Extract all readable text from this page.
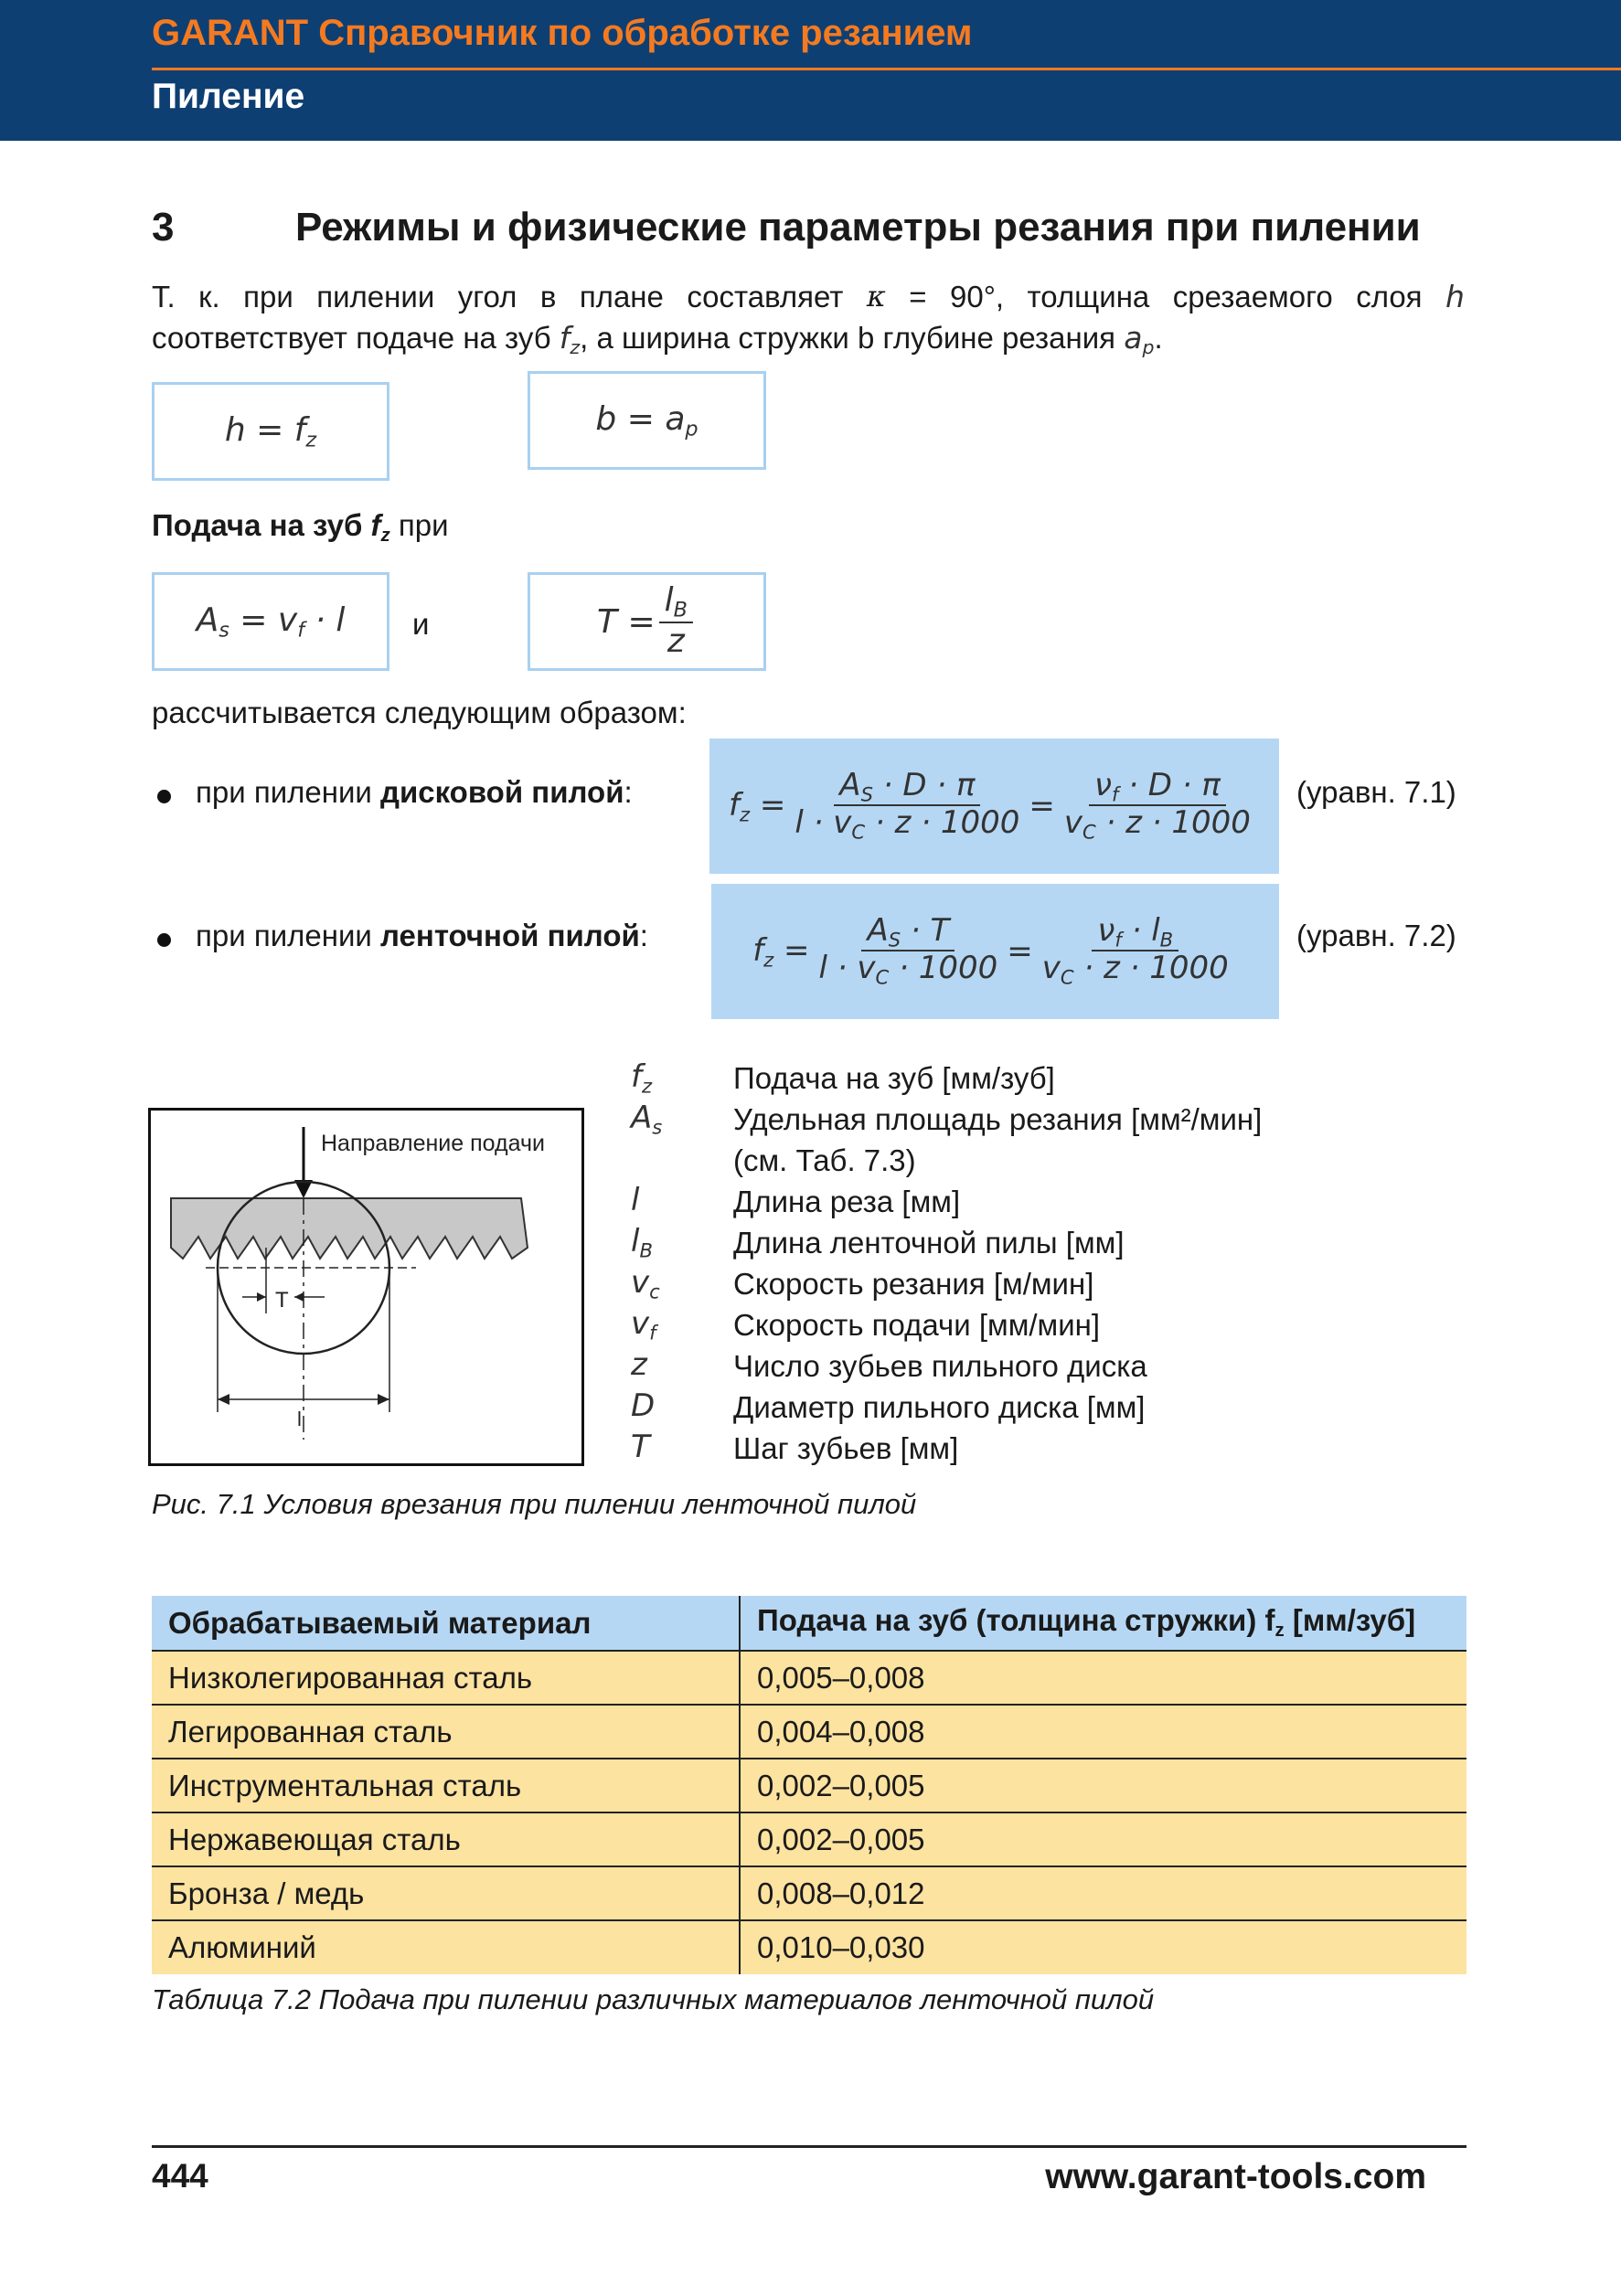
GARANT Справочник по обработке резанием
Пиление
3	Режимы и физические параметры резания при пилении
Т. к. при пилении угол в плане составляет κ = 90°, толщина срезаемого слоя h
соответствует подаче на зуб $f_z$, а ширина стружки b глубине резания $a_p$.
$h = f_z$
$b = a_p$
Подача на зуб $f_z$ при
$A_s = v_f \cdot l$ и	$T = \frac{l_B}{z}$
рассчитывается следующим образом:
при пилении дисковой пилой:	$f_z = \frac{A_S \cdot D \cdot \pi}{l \cdot v_C \cdot z \cdot 1000} = \frac{\nu_f \cdot D \cdot \pi}{v_C \cdot z \cdot 1000}$ (уравн. 7.1)
при пилении ленточной пилой:	$f_z = \frac{A_S \cdot T}{l \cdot v_C \cdot 1000} = \frac{\nu_f \cdot l_B}{v_C \cdot z \cdot 1000}$ (уравн. 7.2)
Направление подачи
T
l
Рис. 7.1 Условия врезания при пилении ленточной пилой
$f_z$	Подача на зуб [мм/зуб]
$A_s$	Удельная площадь резания [мм²/мин]
(см. Таб. 7.3)
l	Длина реза [мм]
$l_B$	Длина ленточной пилы [мм]
$v_c$	Скорость резания [м/мин]
$v_f$	Скорость подачи [мм/мин]
z	Число зубьев пильного диска
D	Диаметр пильного диска [мм]
T	Шаг зубьев [мм]
Обрабатываемый материал	Подача на зуб (толщина стружки) $f_z$ [мм/зуб]
Низколегированная сталь	0,005–0,008
Легированная сталь	0,004–0,008
Инструментальная сталь	0,002–0,005
Нержавеющая сталь	0,002–0,005
Бронза / медь	0,008–0,012
Алюминий	0,010–0,030
Таблица 7.2 Подача при пилении различных материалов ленточной пилой
444	www.garant-tools.com
